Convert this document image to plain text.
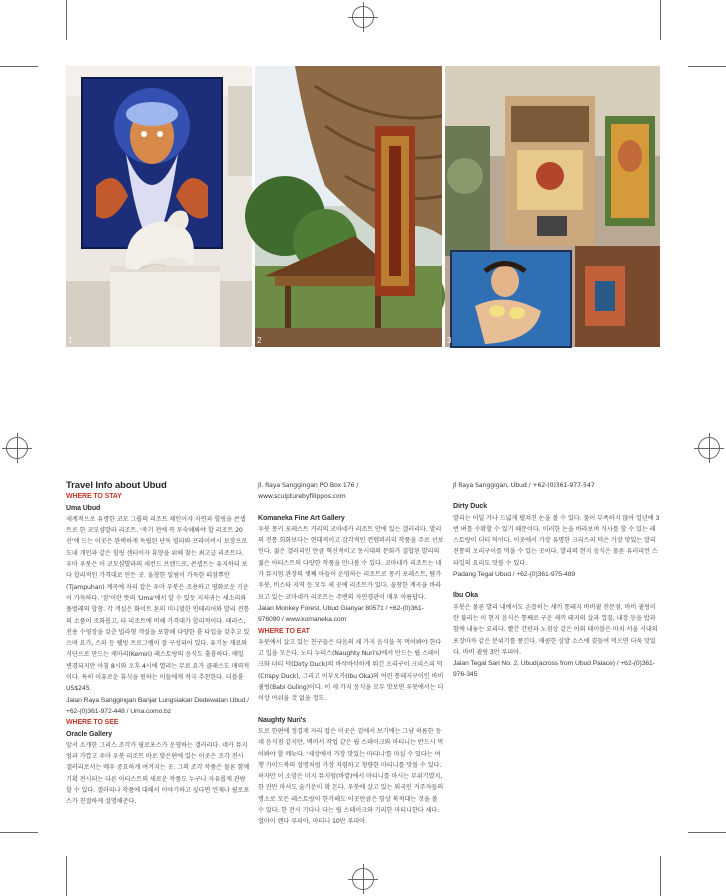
1	2	3

Travel Info about Ubud

WHERE TO STAY

Uma Ubud

세계적으로 유명한 코모 그룹의 리조트 체인이자 자연과 힐링을 콘셉트로 한 코모샴발라 리조트. '죽기 전에 꼭 투숙해봐야 할 리조트 20선'에 드는 이곳은 완벽하게 독립된 단독 빌라와 프라이버시 보장으로 도내 개인과 같은 힐링 센터이자 휴양을 위해 찾는 최고급 리조트다. 우마 우붓은 이 코모샴발라의 세컨드 브랜드로, 콘셉트는 유지하되 보다 합리적인 가격대로 만든 곳. 울창한 밀림이 가득한 띠잠뿌안(Tjampuhan) 계곡에 자리 잡은 우마 우붓은 조용하고 평화로운 기운이 가득하다. '잠'이란 뜻의 'Uma'에서 알 수 있듯 지저귀는 새소리와 풀벌레의 합창. 각 객실은 화이트 톤의 미니멀한 인테리어와 발리 전통의 소품이 조화롭고, 타 리조트에 비해 가격대가 합리적이다. 테라스, 전용 수영장을 갖춘 빌라형 객실을 포함해 다양한 룸 타입을 갖추고 있으며 요가, 스파 등 웰빙 프로그램이 잘 구성되어 있다. 유기농 재료와 식단으로 만드는 케마리(Kemiri) 레스토랑의 음식도 훌륭하다. 매일 변경되지만 아침 8시와 오후 4시에 열리는 무료 요가 클래스도 매력적이다. 특히 이유로운 휴식을 원하는 이들에게 적극 추천한다. 더블룸 US$245.

Jalan Raya Sanggingan Banjar Lungsiakan Dedewatan Ubud / +62-(0)361-972-448 / Uma.como.bz

WHERE TO SEE

Oracle Gallery

앞서 소개한 그리스 조각가 필로포스가 운영하는 갤러리다. 네카 뮤지엄과 가깝고 우마 우붓 리조트 바로 맞은편에 있는 이곳은 조각 전시 갤러리로서는 매우 중요하게 여겨지는 곳. 그의 조각 작품은 물론 함께 기획 전시되는 다른 아티스트의 새로운 작품도 누구나 자유롭게 관람할 수 있다. 갤러리나 작품에 대해서 이야기하고 싶다면 언제나 필로포스가 친절하게 설명해준다.

Jl. Raya Sanggingan PO Box 176 / www.sculpturebyfilippos.com

Komaneka Fine Art Gallery

우붓 몽키 포레스트 거리의 코마네카 리조트 안에 있는 갤러리다. 발리의 전통 회화보다는 현대적이고 감각적인 컨템퍼러리 작품을 주로 선보인다. 젊은 갤러리인 만큼 혁신적이고 동시대의 문화가 결합된 발리의 젊은 아티스트의 다양한 작품을 만나볼 수 있다. 코마네카 리조트는 네가 뮤지엄 관장의 셋째 아들이 운영하는 리조트로 몽키 포레스트, 탐가 우붓, 비스타 지역 등 모두 세 곳에 리조트가 있다. 울창한 계곡을 바라보고 있는 코마네카 리조트는 주변의 자연경관이 매우 아름답다.

Jalan Monkey Forest, Ubud Gianyar 80571 / +62-(0)361-976090 / www.komaneka.com

WHERE TO EAT

우붓에서 살고 있는 친구들은 다음의 세 가지 음식을 꼭 먹어봐야 한다고 입을 모은다. 노티 누리스(Naughty Nuri's)에서 만드는 립 스테이크와 더티 덕(Dirty Duck)의 바삭바삭하게 튀긴 오리구이 크리스피 덕(Crispy Duck), 그리고 이부오카(Ibu Oka)의 어린 통돼지구이인 바비 궐링(Babi Guling)이다. 이 세 가지 음식을 모두 맛보면 우붓에서는 더 이상 아쉬울 것 없을 정도.

Naughty Nuri's

도로 한편에 정겹게 자리 잡은 이곳은 겉에서 보기에는 그냥 허름한 동네 음식점 같지만, 맥머서 작업 같은 립 스테이크와 마티니는 반드시 먹어봐야 할 메뉴다. '세상에서 가장 맛있는 마티니'를 마실 수 있다는 여행 가이드북의 설명처럼 가장 저렴하고 청량한 마티니를 맛볼 수 있다. 허자만 이 소맘은 미지 뮤지엄(바깥)에서 마티니를 마시는 부위기였지, 한 잔만 마셔도 술기운이 확 돈다. 우붓에 살고 있는 외국인 거주자들의 명소로 모든 레스토랑이 한가해도 이곳만큼은 항상 북적대는 것을 볼 수 있다. 한 잔시 기다나 다는 립 스테이크와 기리한 마티니한다 세다. 얼마이 렌다 루피아, 마티니 10만 루피아.

Jl Raya Sanggigan, Ubud / +62-(0)361-977-547

Dirty Duck

발리는 어딜 가나 드넓게 펼쳐진 논을 볼 수 있다. 물이 부족하지 않아 일년에 3번 벼를 수확할 수 있기 때문이다. 이러한 논을 바라보며 식사를 할 수 있는 레스토랑이 더티 덕이다. 이곳에서 가장 유명한 크리스피 덕은 가장 맛있는 발리 전통의 오리구이를 먹을 수 있는 곳이다. 발리의 현지 음식은 물론 유러피언 스타일의 요리도 맛볼 수 있다.

Padang Tegal Ubud / +62-(0)361-975-489

Ibu Oka

우붓은 물론 발리 내에서도 손꼽히는 새끼 통돼지 바비궐 전문점. 바비 궐링이란 불리는 이 현지 음식은 통째로 구운 새끼 돼지의 살과 껍질, 내장 등을 밥과 함께 내놓는 요리다. 빨간 간판과 노점상 같은 아외 테이블은 마치 서울 시내의 포장마차 같은 분위기를 풍긴다. 매콤한 삼발 소스에 곁들여 먹으면 더욱 맛있다. 바비 궐링 3만 루피아.

Jalan Tegal Sari No. 2, Ubud(across from Ubud Palace) / +62-(0)361-976-345
